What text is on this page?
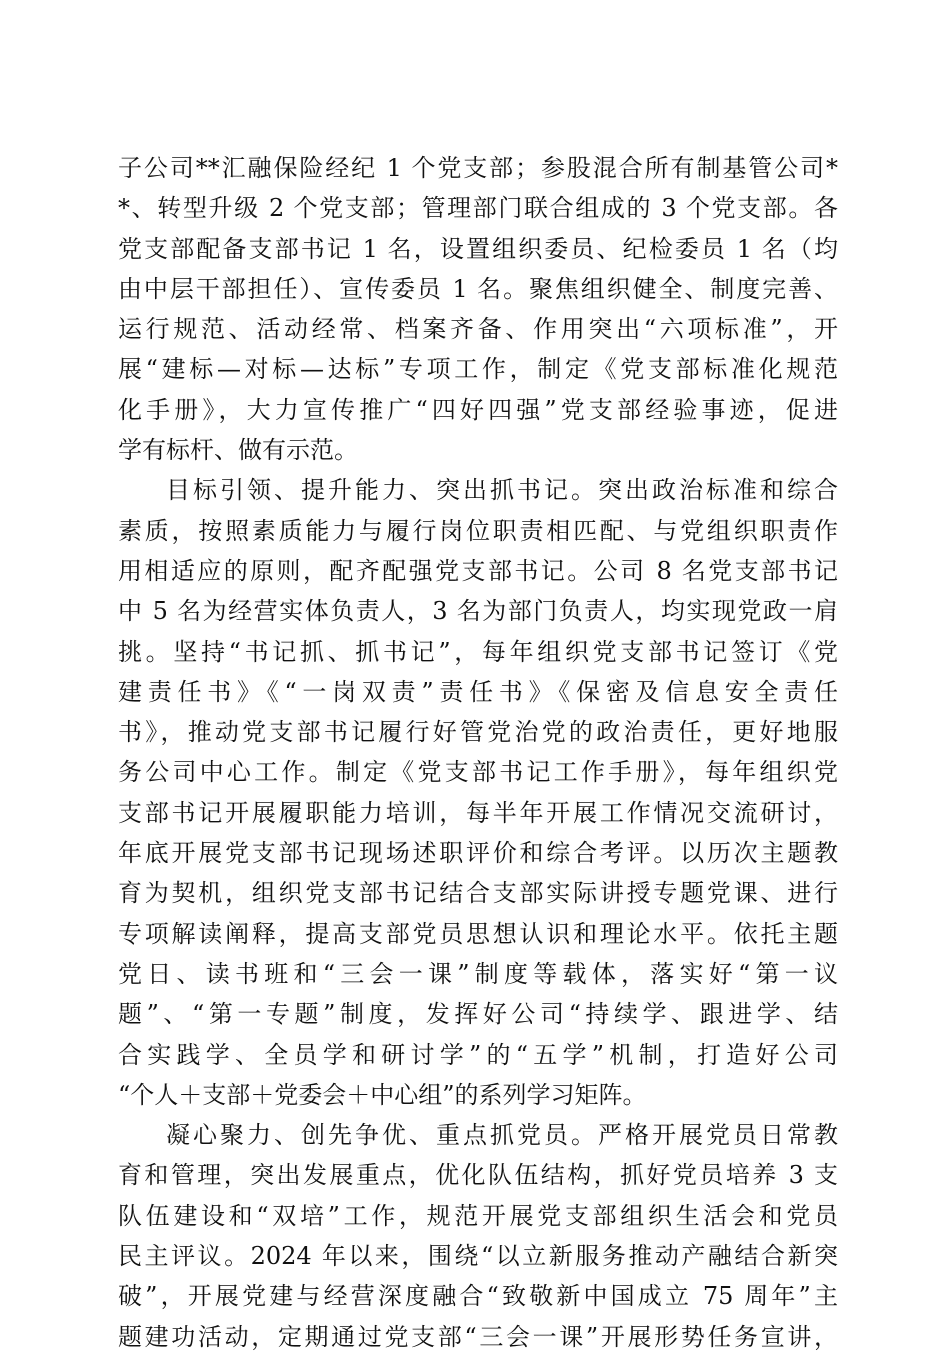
子公司**汇融保险经纪 1 个党支部；参股混合所有制基管公司*
*、转型升级 2 个党支部；管理部门联合组成的 3 个党支部。各
党支部配备支部书记 1 名，设置组织委员、纪检委员 1 名（均
由中层干部担任）、宣传委员 1 名。聚焦组织健全、制度完善、
运行规范、活动经常、档案齐备、作用突出“六项标准”，开
展“建标—对标—达标”专项工作，制定《党支部标准化规范
化手册》，大力宣传推广“四好四强”党支部经验事迹，促进
学有标杆、做有示范。
目标引领、提升能力、突出抓书记。突出政治标准和综合
素质，按照素质能力与履行岗位职责相匹配、与党组织职责作
用相适应的原则，配齐配强党支部书记。公司 8 名党支部书记
中 5 名为经营实体负责人，3 名为部门负责人，均实现党政一肩
挑。坚持“书记抓、抓书记”，每年组织党支部书记签订《党
建责任书》《“一岗双责”责任书》《保密及信息安全责任
书》，推动党支部书记履行好管党治党的政治责任，更好地服
务公司中心工作。制定《党支部书记工作手册》，每年组织党
支部书记开展履职能力培训，每半年开展工作情况交流研讨，
年底开展党支部书记现场述职评价和综合考评。以历次主题教
育为契机，组织党支部书记结合支部实际讲授专题党课、进行
专项解读阐释，提高支部党员思想认识和理论水平。依托主题
党日、读书班和“三会一课”制度等载体，落实好“第一议
题”、“第一专题”制度，发挥好公司“持续学、跟进学、结
合实践学、全员学和研讨学”的“五学”机制，打造好公司
“个人＋支部＋党委会＋中心组”的系列学习矩阵。
凝心聚力、创先争优、重点抓党员。严格开展党员日常教
育和管理，突出发展重点，优化队伍结构，抓好党员培养 3 支
队伍建设和“双培”工作，规范开展党支部组织生活会和党员
民主评议。2024 年以来，围绕“以立新服务推动产融结合新突
破”，开展党建与经营深度融合“致敬新中国成立 75 周年”主
题建功活动，定期通过党支部“三会一课”开展形势任务宣讲，
